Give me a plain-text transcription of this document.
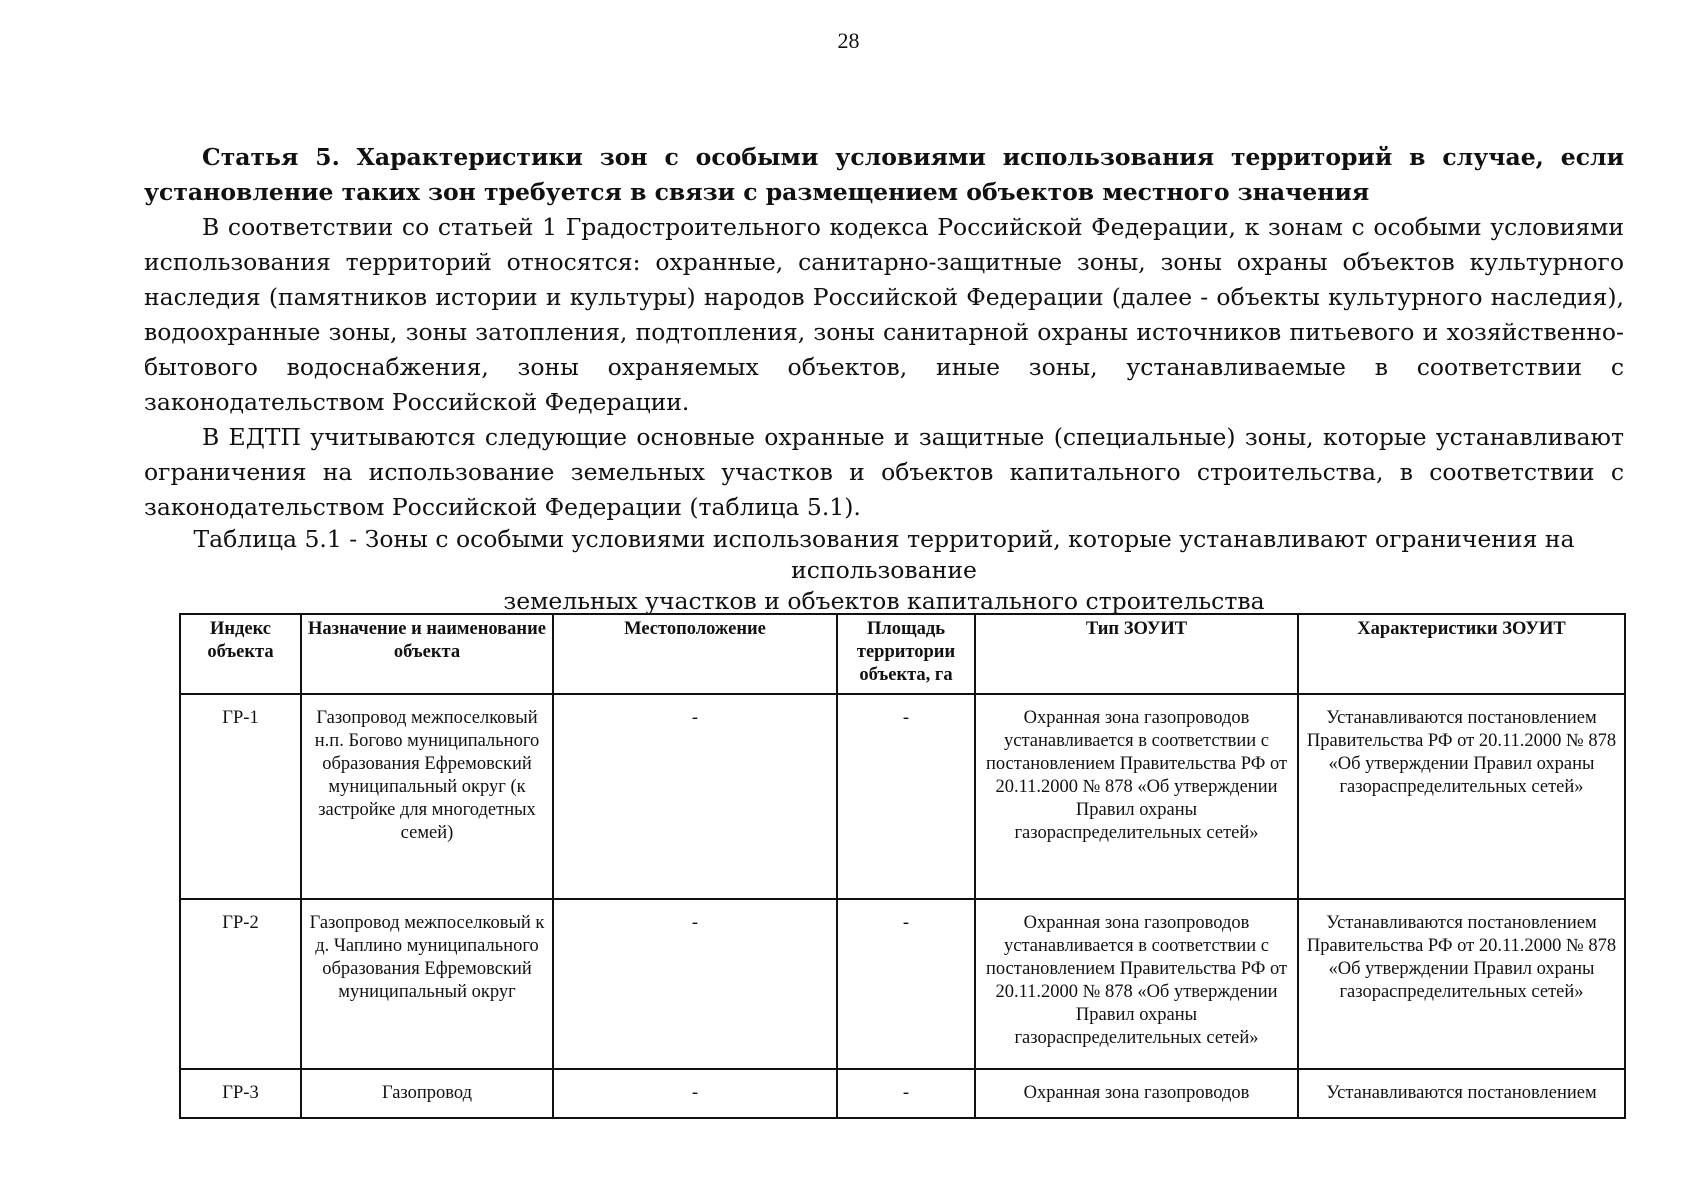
28

Статья 5. Характеристики зон с особыми условиями использования территорий в случае, если установление таких зон требуется в связи с размещением объектов местного значения

В соответствии со статьей 1 Градостроительного кодекса Российской Федерации, к зонам с особыми условиями использования территорий относятся: охранные, санитарно-защитные зоны, зоны охраны объектов культурного наследия (памятников истории и культуры) народов Российской Федерации (далее - объекты культурного наследия), водоохранные зоны, зоны затопления, подтопления, зоны санитарной охраны источников питьевого и хозяйственно-бытового водоснабжения, зоны охраняемых объектов, иные зоны, устанавливаемые в соответствии с законодательством Российской Федерации.

В ЕДТП учитываются следующие основные охранные и защитные (специальные) зоны, которые устанавливают ограничения на использование земельных участков и объектов капитального строительства, в соответствии с законодательством Российской Федерации (таблица 5.1).

Таблица 5.1 - Зоны с особыми условиями использования территорий, которые устанавливают ограничения на использование
земельных участков и объектов капитального строительства
Индекс объекта	Назначение и наименование объекта	Местоположение	Площадь территории объекта, га	Тип ЗОУИТ	Характеристики ЗОУИТ
ГР-1	Газопровод межпоселковый н.п. Богово муниципального образования Ефремовский муниципальный округ (к застройке для многодетных семей)	-	-	Охранная зона газопроводов устанавливается в соответствии с постановлением Правительства РФ от 20.11.2000 № 878 «Об утверждении Правил охраны газораспределительных сетей»	Устанавливаются постановлением Правительства РФ от 20.11.2000 № 878 «Об утверждении Правил охраны газораспределительных сетей»
ГР-2	Газопровод межпоселковый к д. Чаплино муниципального образования Ефремовский муниципальный округ	-	-	Охранная зона газопроводов устанавливается в соответствии с постановлением Правительства РФ от 20.11.2000 № 878 «Об утверждении Правил охраны газораспределительных сетей»	Устанавливаются постановлением Правительства РФ от 20.11.2000 № 878 «Об утверждении Правил охраны газораспределительных сетей»
ГР-3	Газопровод	-	-	Охранная зона газопроводов	Устанавливаются постановлением
